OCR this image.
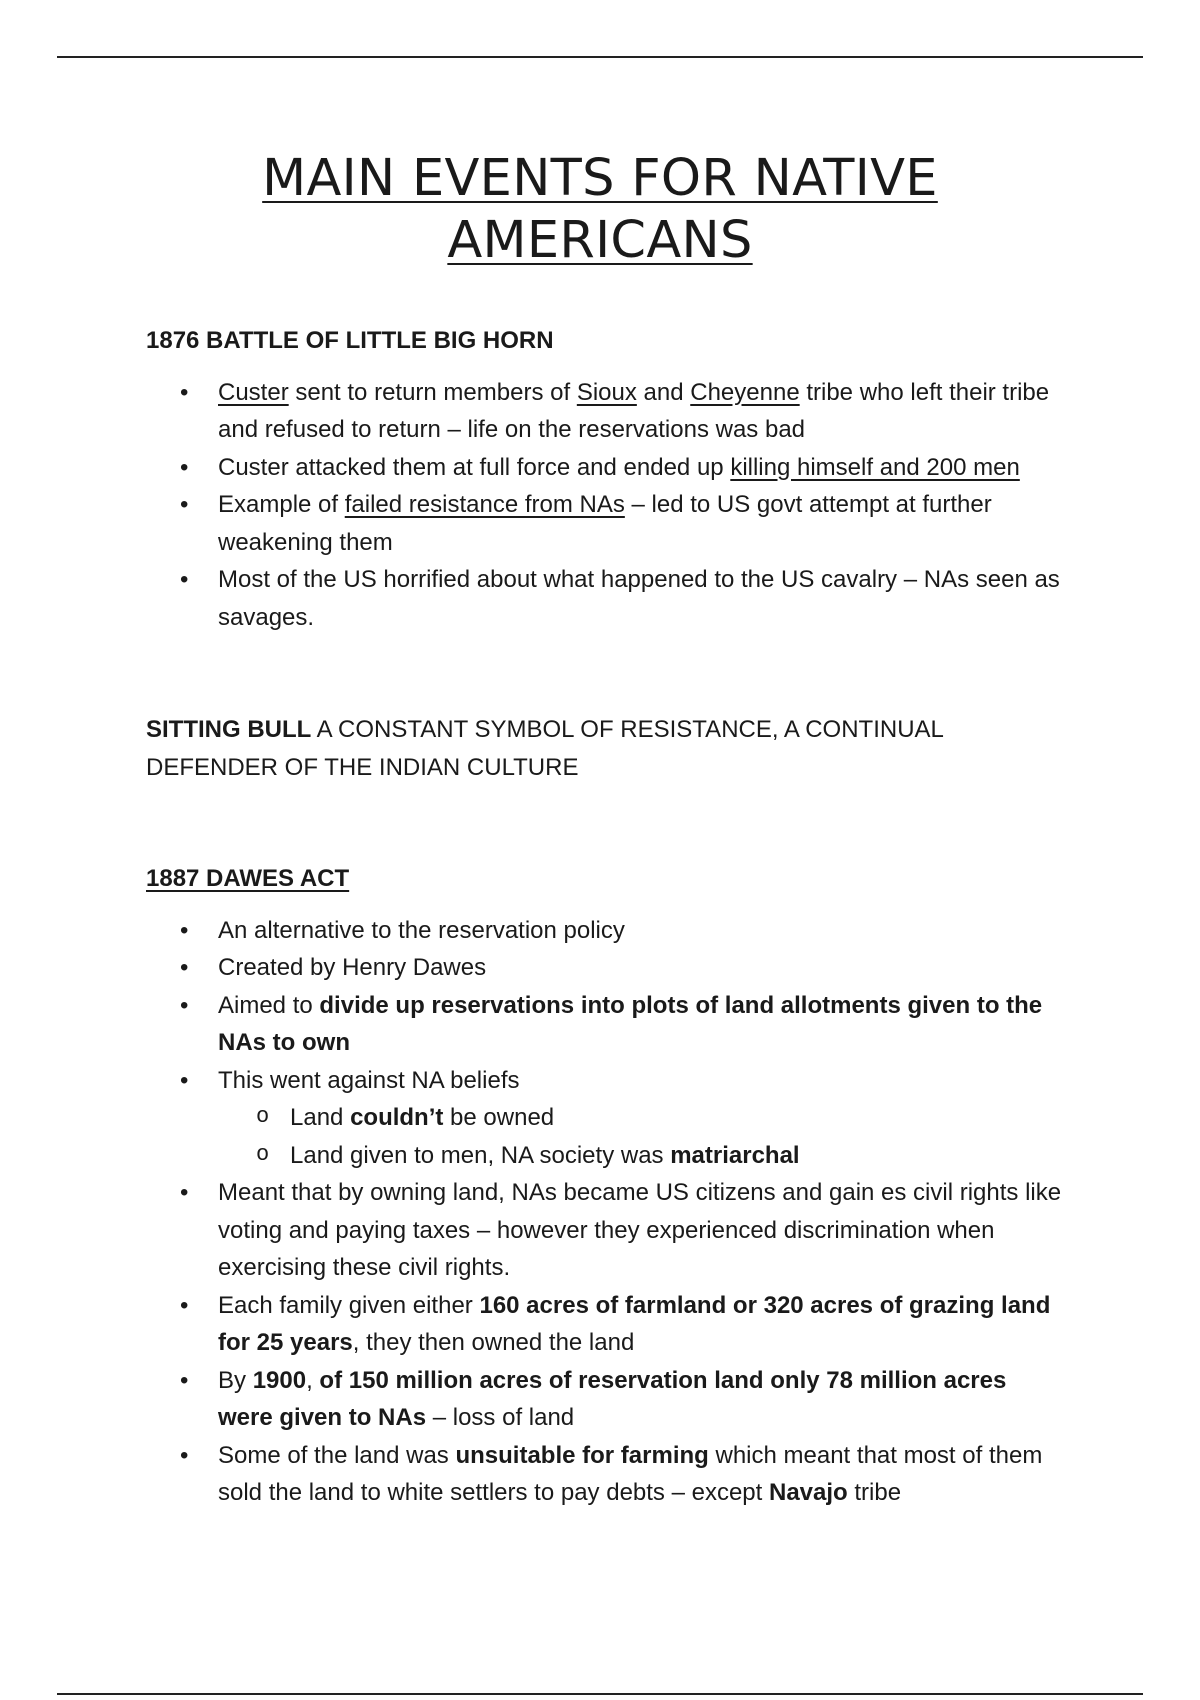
MAIN EVENTS FOR NATIVE
AMERICANS

1876 BATTLE OF LITTLE BIG HORN

• Custer sent to return members of Sioux and Cheyenne tribe who left their tribe and refused to return – life on the reservations was bad
• Custer attacked them at full force and ended up killing himself and 200 men
• Example of failed resistance from NAs – led to US govt attempt at further weakening them
• Most of the US horrified about what happened to the US cavalry – NAs seen as savages.

SITTING BULL A CONSTANT SYMBOL OF RESISTANCE, A CONTINUAL DEFENDER OF THE INDIAN CULTURE

1887 DAWES ACT

• An alternative to the reservation policy
• Created by Henry Dawes
• Aimed to divide up reservations into plots of land allotments given to the NAs to own
• This went against NA beliefs
o Land couldn’t be owned
o Land given to men, NA society was matriarchal
• Meant that by owning land, NAs became US citizens and gain es civil rights like voting and paying taxes – however they experienced discrimination when exercising these civil rights.
• Each family given either 160 acres of farmland or 320 acres of grazing land for 25 years, they then owned the land
• By 1900, of 150 million acres of reservation land only 78 million acres were given to NAs – loss of land
• Some of the land was unsuitable for farming which meant that most of them sold the land to white settlers to pay debts – except Navajo tribe
